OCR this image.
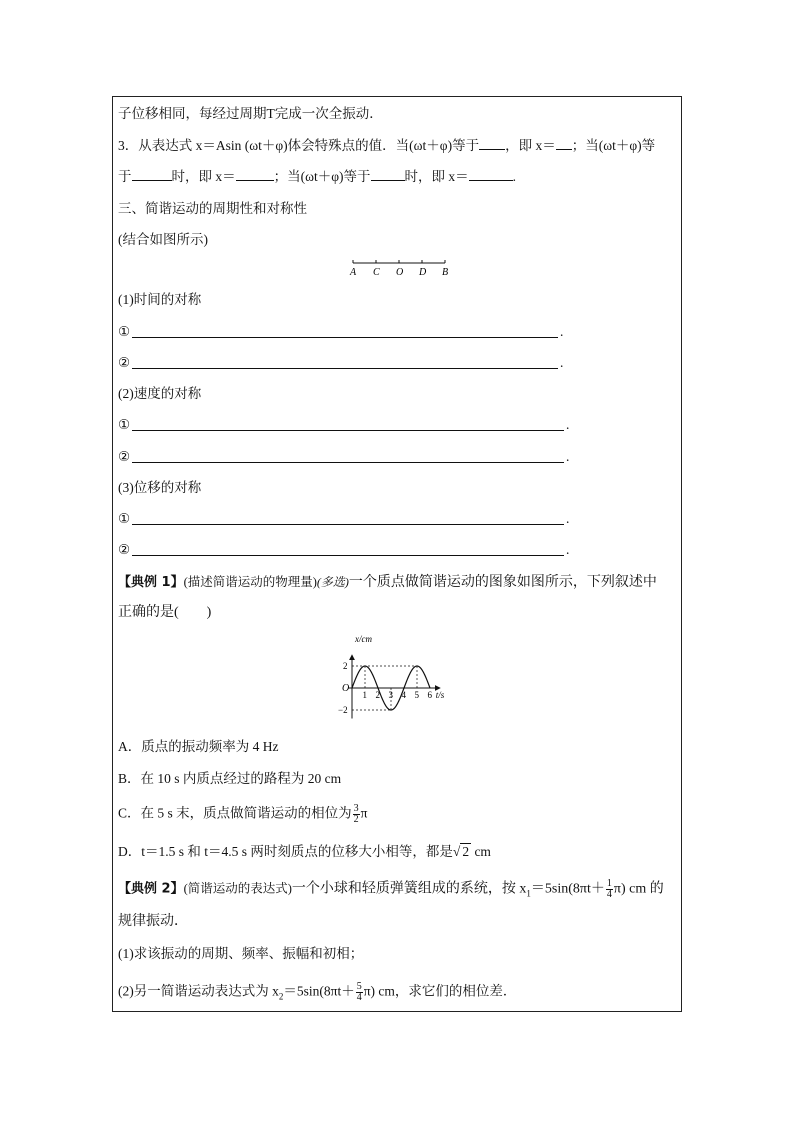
子位移相同，每经过周期T完成一次全振动．
3．从表达式 x＝Asin (ωt＋φ)体会特殊点的值．当(ωt＋φ)等于 ，即 x＝ ；当(ωt＋φ)等
于	时，即 x＝	；当(ωt＋φ)等于	时，即 x＝	.
三、简谐运动的周期性和对称性
(结合如图所示)
A C O D B
(1)时间的对称
①	.
②	.
(2)速度的对称
①	.
②	.
(3)位移的对称
①	.
②	.
【典例 1】(描述简谐运动的物理量)(多选)一个质点做简谐运动的图象如图所示，下列叙述中
正确的是(　　)
1 2 3 4 5 6
2
−2
x/cm
t/s
O
A．质点的振动频率为 4 Hz
B．在 10 s 内质点经过的路程为 20 cm
C．在 5 s 末，质点做简谐运动的相位为 $\frac{3}{2}$ π
D．t＝1.5 s 和 t＝4.5 s 两时刻质点的位移大小相等，都是√ 2 cm
【典例 2】(简谐运动的表达式)一个小球和轻质弹簧组成的系统，按 $x_1=5\sin(8\pi t+ \frac{1}{4} \pi)$ cm 的
规律振动．
(1)求该振动的周期、频率、振幅和初相；
(2)另一简谐运动表达式为 $x_2=5\sin(8\pi t+ \frac{5}{4} \pi)$ cm，求它们的相位差．
